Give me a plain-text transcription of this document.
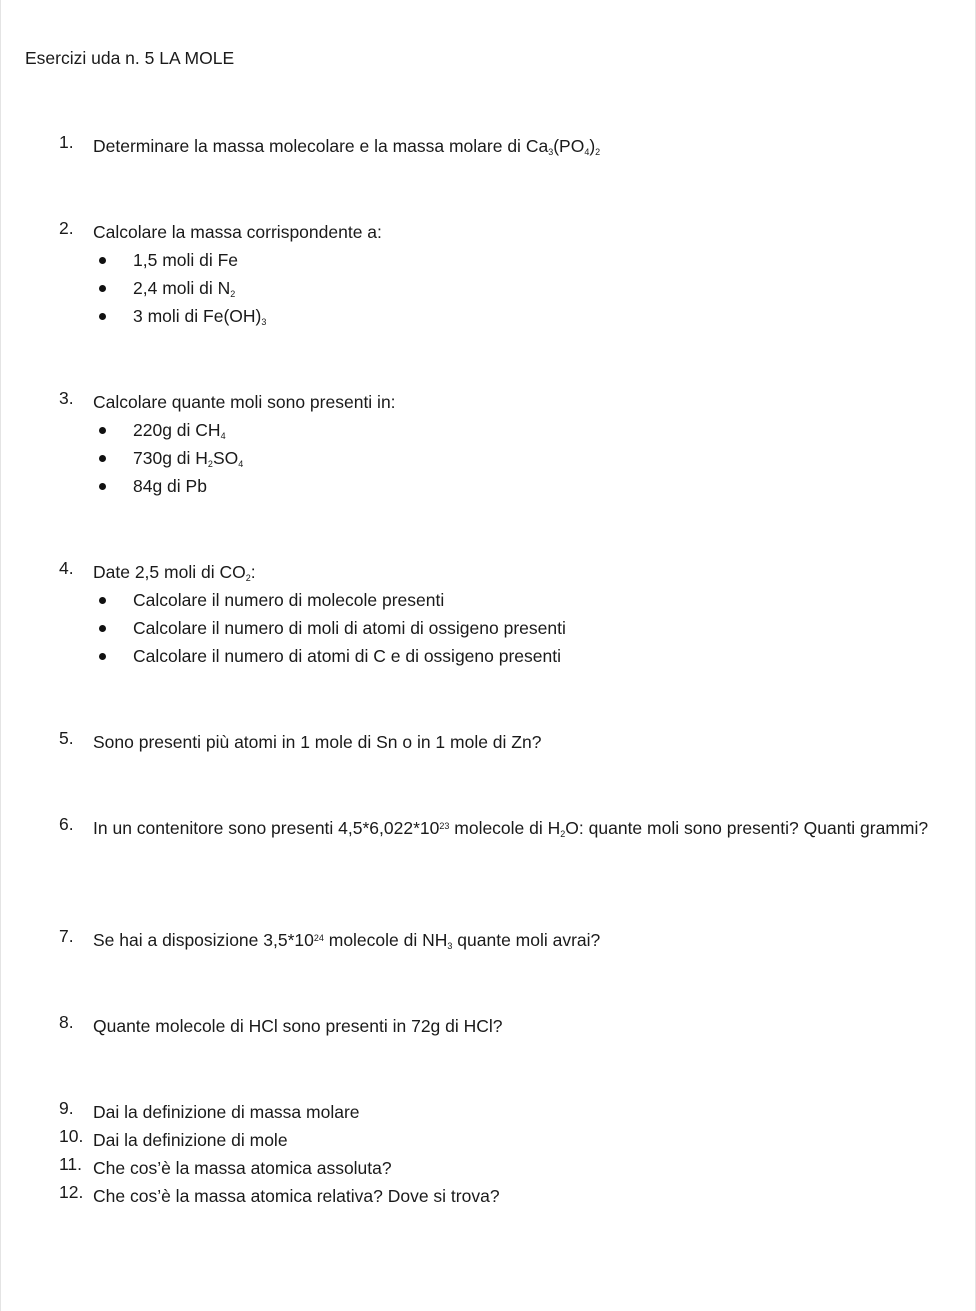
Esercizi uda n. 5 LA MOLE
1.	Determinare la massa molecolare e la massa molare di $Ca_3(PO_4)_2$
2.	Calcolare la massa corrispondente a:
1,5 moli di Fe
2,4 moli di $N_2$
3 moli di $Fe(OH)_3$
3.	Calcolare quante moli sono presenti in:
220g di $CH_4$
730g di $H_2SO_4$
84g di Pb
4.	Date 2,5 moli di $CO_2$:
Calcolare il numero di molecole presenti
Calcolare il numero di moli di atomi di ossigeno presenti
Calcolare il numero di atomi di C e di ossigeno presenti
5.	Sono presenti più atomi in 1 mole di Sn o in 1 mole di Zn?
6.	In un contenitore sono presenti $4,5*6,022*10^{23}$ molecole di $H_2O$: quante moli sono presenti? Quanti grammi?
7.	Se hai a disposizione $3,5*10^{24}$ molecole di $NH_3$ quante moli avrai?
8.	Quante molecole di HCl sono presenti in 72g di HCl?
9.	Dai la definizione di massa molare
10. Dai la definizione di mole
11. Che cos’è la massa atomica assoluta?
12. Che cos’è la massa atomica relativa? Dove si trova?
